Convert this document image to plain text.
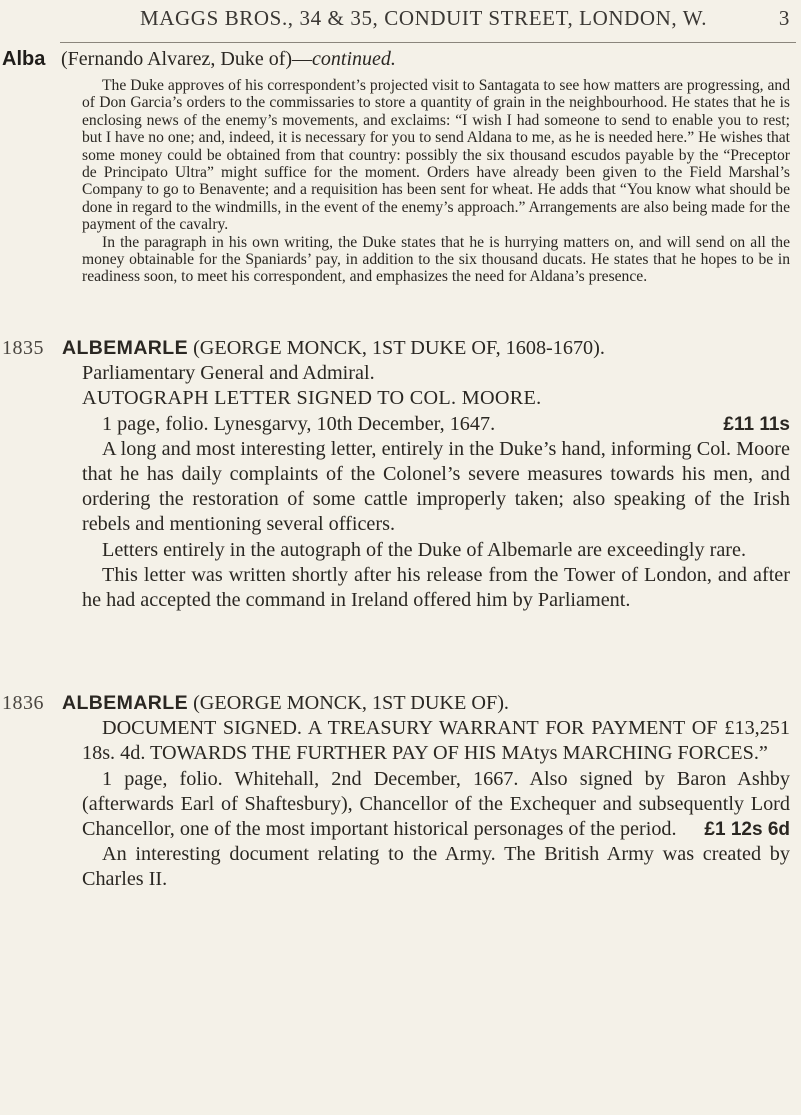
MAGGS BROS., 34 & 35, CONDUIT STREET, LONDON, W.	3
Alba (Fernando Alvarez, Duke of)—continued.

The Duke approves of his correspondent’s projected visit to Santagata to see how matters are progressing, and of Don Garcia’s orders to the commissaries to store a quantity of grain in the neighbourhood. He states that he is enclosing news of the enemy’s movements, and exclaims: “I wish I had someone to send to enable you to rest; but I have no one; and, indeed, it is necessary for you to send Aldana to me, as he is needed here.” He wishes that some money could be obtained from that country: possibly the six thousand escudos payable by the “Preceptor de Principato Ultra” might suffice for the moment. Orders have already been given to the Field Marshal’s Company to go to Benavente; and a requisition has been sent for wheat. He adds that “You know what should be done in regard to the windmills, in the event of the enemy’s approach.” Arrangements are also being made for the payment of the cavalry.

In the paragraph in his own writing, the Duke states that he is hurrying matters on, and will send on all the money obtainable for the Spaniards’ pay, in addition to the six thousand ducats. He states that he hopes to be in readiness soon, to meet his correspondent, and emphasizes the need for Aldana’s presence.

1835 ALBEMARLE (GEORGE MONCK, 1ST DUKE OF, 1608-1670).

Parliamentary General and Admiral.

AUTOGRAPH LETTER SIGNED TO COL. MOORE.

1 page, folio. Lynesgarvy, 10th December, 1647.	£11 11s

A long and most interesting letter, entirely in the Duke’s hand, informing Col. Moore that he has daily complaints of the Colonel’s severe measures towards his men, and ordering the restoration of some cattle improperly taken; also speaking of the Irish rebels and mentioning several officers.

Letters entirely in the autograph of the Duke of Albemarle are exceedingly rare.

This letter was written shortly after his release from the Tower of London, and after he had accepted the command in Ireland offered him by Parliament.

1836 ALBEMARLE (GEORGE MONCK, 1ST DUKE OF).

DOCUMENT SIGNED. A TREASURY WARRANT FOR PAYMENT OF £13,251 18s. 4d. TOWARDS THE FURTHER PAY OF HIS MAtys MARCHING FORCES.”

1 page, folio. Whitehall, 2nd December, 1667. Also signed by Baron Ashby (afterwards Earl of Shaftesbury), Chancellor of the Exchequer and subsequently Lord Chancellor, one of the most important historical personages of the period.	£1 12s 6d

An interesting document relating to the Army. The British Army was created by Charles II.
